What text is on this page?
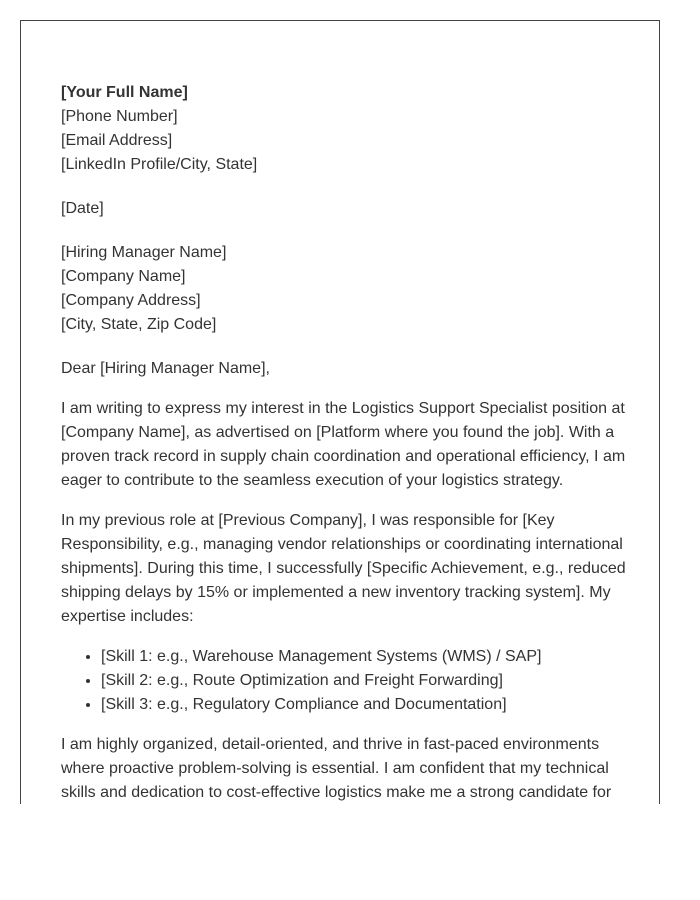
[Your Full Name]
[Phone Number]
[Email Address]
[LinkedIn Profile/City, State]
[Date]
[Hiring Manager Name]
[Company Name]
[Company Address]
[City, State, Zip Code]
Dear [Hiring Manager Name],

I am writing to express my interest in the Logistics Support Specialist position at [Company Name], as advertised on [Platform where you found the job]. With a proven track record in supply chain coordination and operational efficiency, I am eager to contribute to the seamless execution of your logistics strategy.

In my previous role at [Previous Company], I was responsible for [Key Responsibility, e.g., managing vendor relationships or coordinating international shipments]. During this time, I successfully [Specific Achievement, e.g., reduced shipping delays by 15% or implemented a new inventory tracking system]. My expertise includes:

• [Skill 1: e.g., Warehouse Management Systems (WMS) / SAP]
• [Skill 2: e.g., Route Optimization and Freight Forwarding]
• [Skill 3: e.g., Regulatory Compliance and Documentation]

I am highly organized, detail-oriented, and thrive in fast-paced environments where proactive problem-solving is essential. I am confident that my technical skills and dedication to cost-effective logistics make me a strong candidate for
